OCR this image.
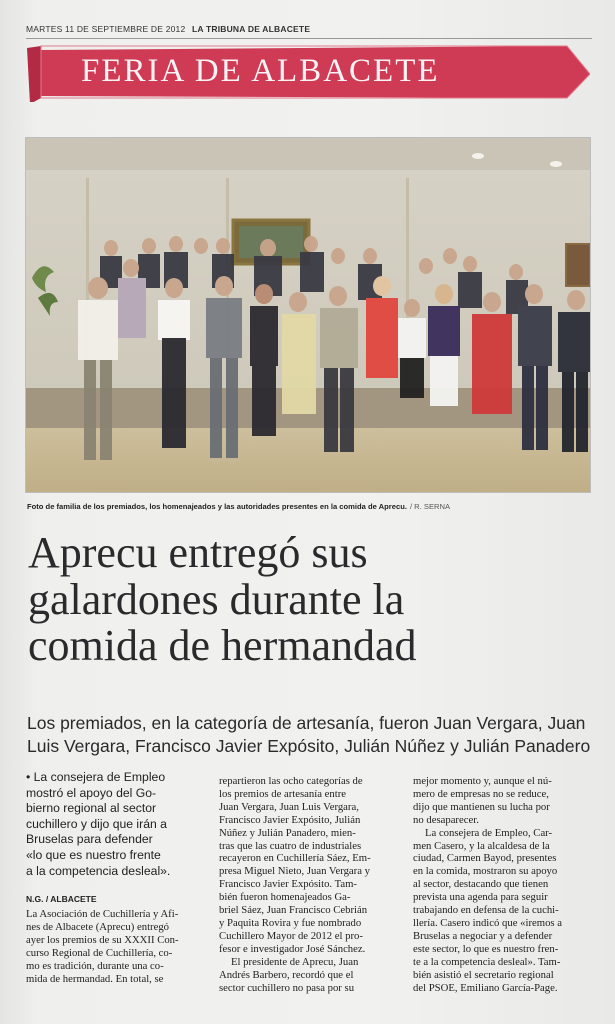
MARTES 11 DE SEPTIEMBRE DE 2012 LA TRIBUNA DE ALBACETE
FERIA DE ALBACETE
Foto de familia de los premiados, los homenajeados y las autoridades presentes en la comida de Aprecu. / R. SERNA
Aprecu entregó sus
galardones durante la
comida de hermandad
Los premiados, en la categoría de artesanía, fueron Juan Vergara, Juan
Luis Vergara, Francisco Javier Expósito, Julián Núñez y Julián Panadero
• La consejera de Empleo
mostró el apoyo del Go-
bierno regional al sector
cuchillero y dijo que irán a
Bruselas para defender
«lo que es nuestro frente
a la competencia desleal».
N.G. / ALBACETE
La Asociación de Cuchillería y Afi-
nes de Albacete (Aprecu) entregó
ayer los premios de su XXXII Con-
curso Regional de Cuchillería, co-
mo es tradición, durante una co-
mida de hermandad. En total, se
repartieron las ocho categorías de
los premios de artesanía entre
Juan Vergara, Juan Luis Vergara,
Francisco Javier Expósito, Julián
Núñez y Julián Panadero, mien-
tras que las cuatro de industriales
recayeron en Cuchillería Sáez, Em-
presa Miguel Nieto, Juan Vergara y
Francisco Javier Expósito. Tam-
bién fueron homenajeados Ga-
briel Sáez, Juan Francisco Cebrián
y Paquita Rovira y fue nombrado
Cuchillero Mayor de 2012 el pro-
fesor e investigador José Sánchez.
El presidente de Aprecu, Juan
Andrés Barbero, recordó que el
sector cuchillero no pasa por su
mejor momento y, aunque el nú-
mero de empresas no se reduce,
dijo que mantienen su lucha por
no desaparecer.
La consejera de Empleo, Car-
men Casero, y la alcaldesa de la
ciudad, Carmen Bayod, presentes
en la comida, mostraron su apoyo
al sector, destacando que tienen
prevista una agenda para seguir
trabajando en defensa de la cuchi-
llería. Casero indicó que «iremos a
Bruselas a negociar y a defender
este sector, lo que es nuestro fren-
te a la competencia desleal». Tam-
bién asistió el secretario regional
del PSOE, Emiliano García-Page.
